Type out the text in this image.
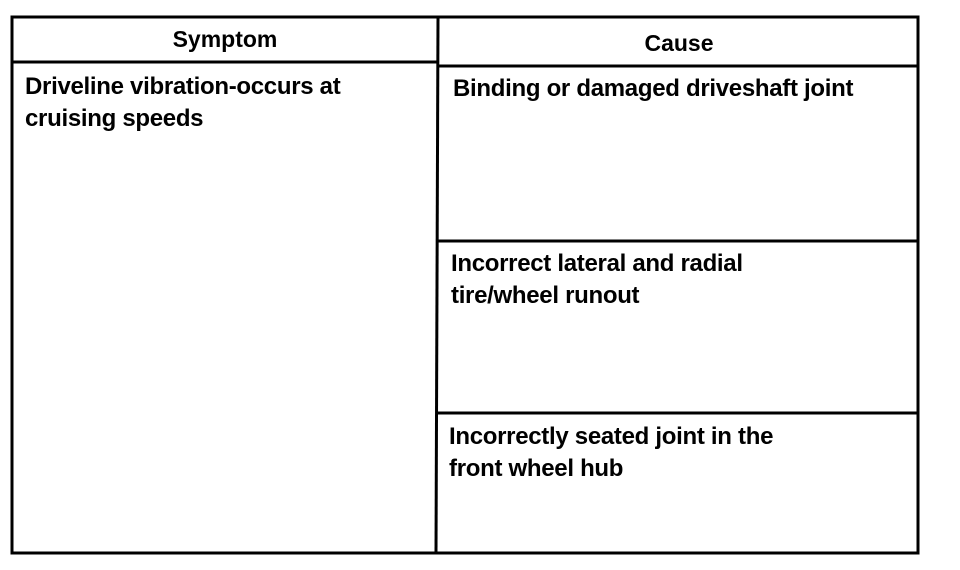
Symptom	Cause
Driveline vibration-occurs at
cruising speeds
Binding or damaged driveshaft joint
Incorrect lateral and radial
tire/wheel runout
Incorrectly seated joint in the
front wheel hub
